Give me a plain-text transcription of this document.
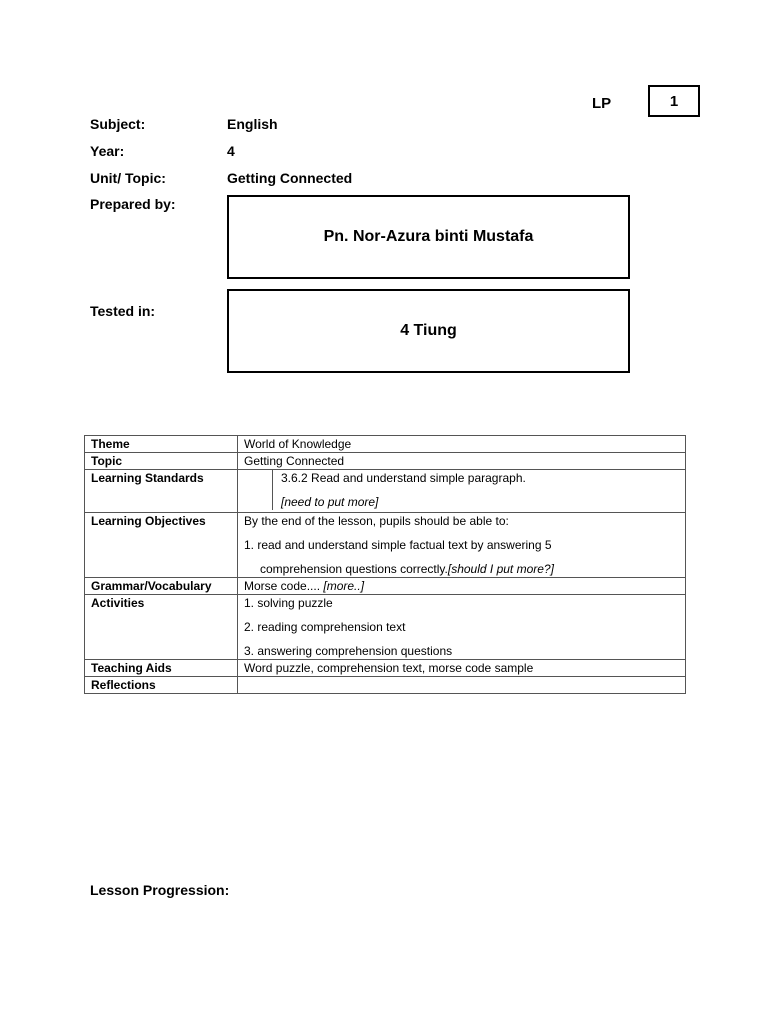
LP	1
Subject:	English
Year:	4
Unit/ Topic:	Getting Connected
Prepared by:
Pn. Nor-Azura binti Mustafa
Tested in:
4 Tiung
Theme	World of Knowledge
Topic	Getting Connected
Learning Standards	3.6.2 Read and understand simple paragraph.
[need to put more]

Learning Objectives	By the end of the lesson, pupils should be able to:
1. read and understand simple factual text by answering 5
comprehension questions correctly.[should I put more?]

Grammar/Vocabulary	Morse code.... [more..]
Activities	1. solving puzzle
2. reading comprehension text
3. answering comprehension questions

Teaching Aids	Word puzzle, comprehension text, morse code sample
Reflections	
Lesson Progression:
